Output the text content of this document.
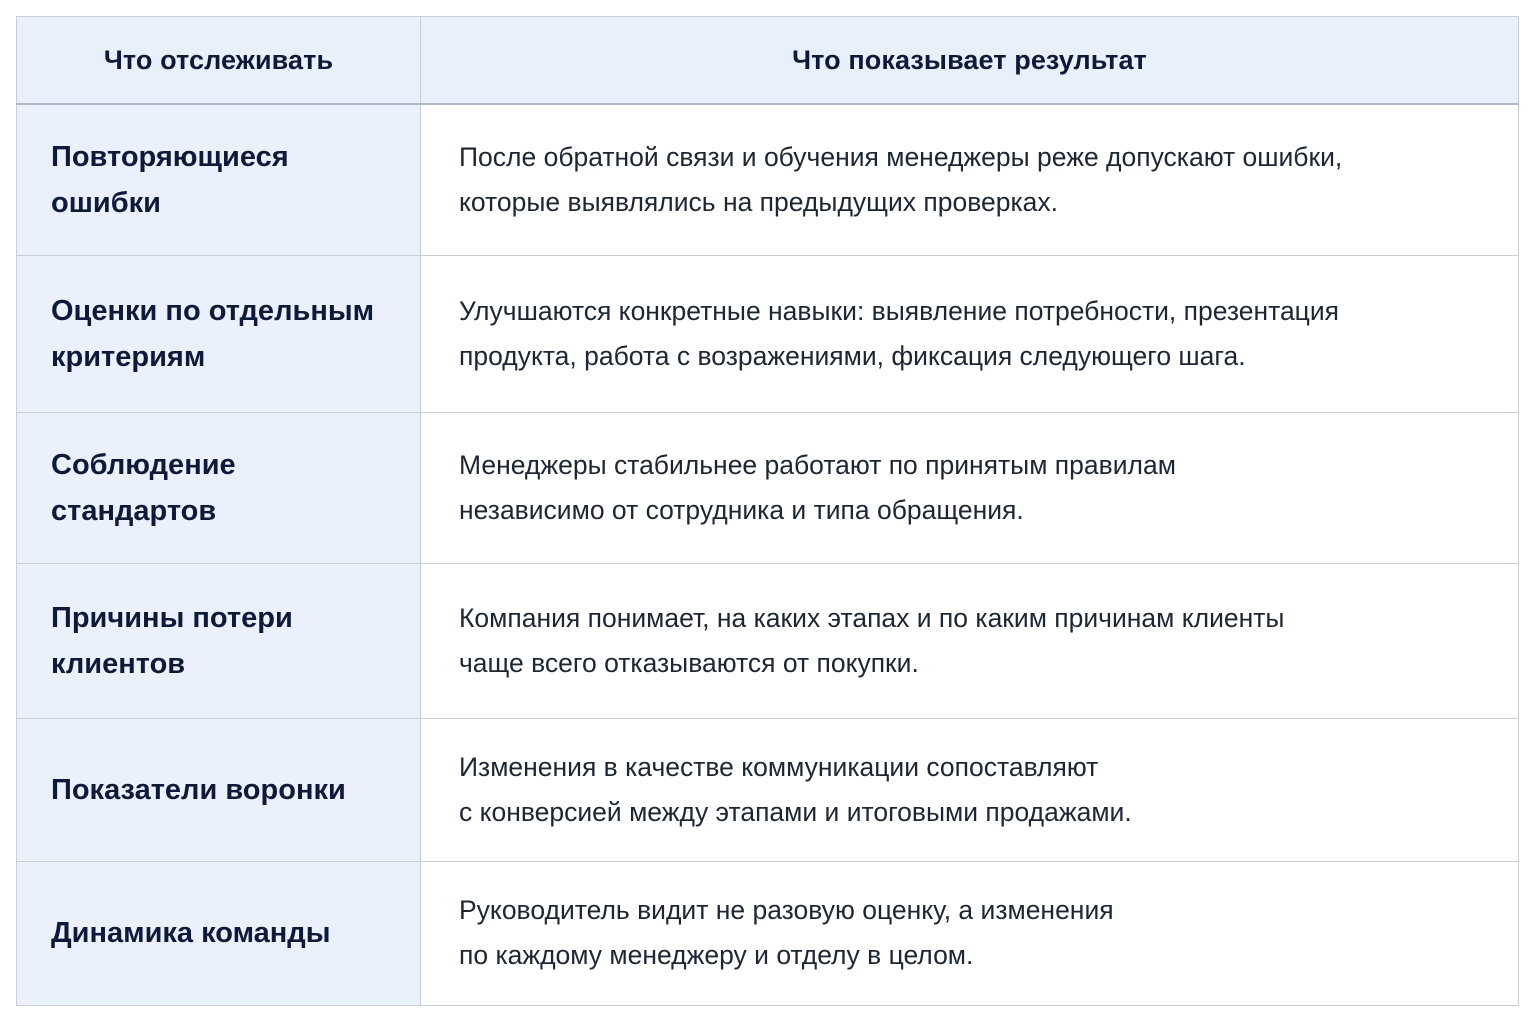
Что отслеживать	Что показывает результат

Повторяющиеся
ошибки	После обратной связи и обучения менеджеры реже допускают ошибки,
которые выявлялись на предыдущих проверках.

Оценки по отдельным
критериям	Улучшаются конкретные навыки: выявление потребности, презентация
продукта, работа с возражениями, фиксация следующего шага.

Соблюдение
стандартов	Менеджеры стабильнее работают по принятым правилам
независимо от сотрудника и типа обращения.

Причины потери
клиентов	Компания понимает, на каких этапах и по каким причинам клиенты
чаще всего отказываются от покупки.

Показатели воронки	Изменения в качестве коммуникации сопоставляют
с конверсией между этапами и итоговыми продажами.

Динамика команды	Руководитель видит не разовую оценку, а изменения
по каждому менеджеру и отделу в целом.
